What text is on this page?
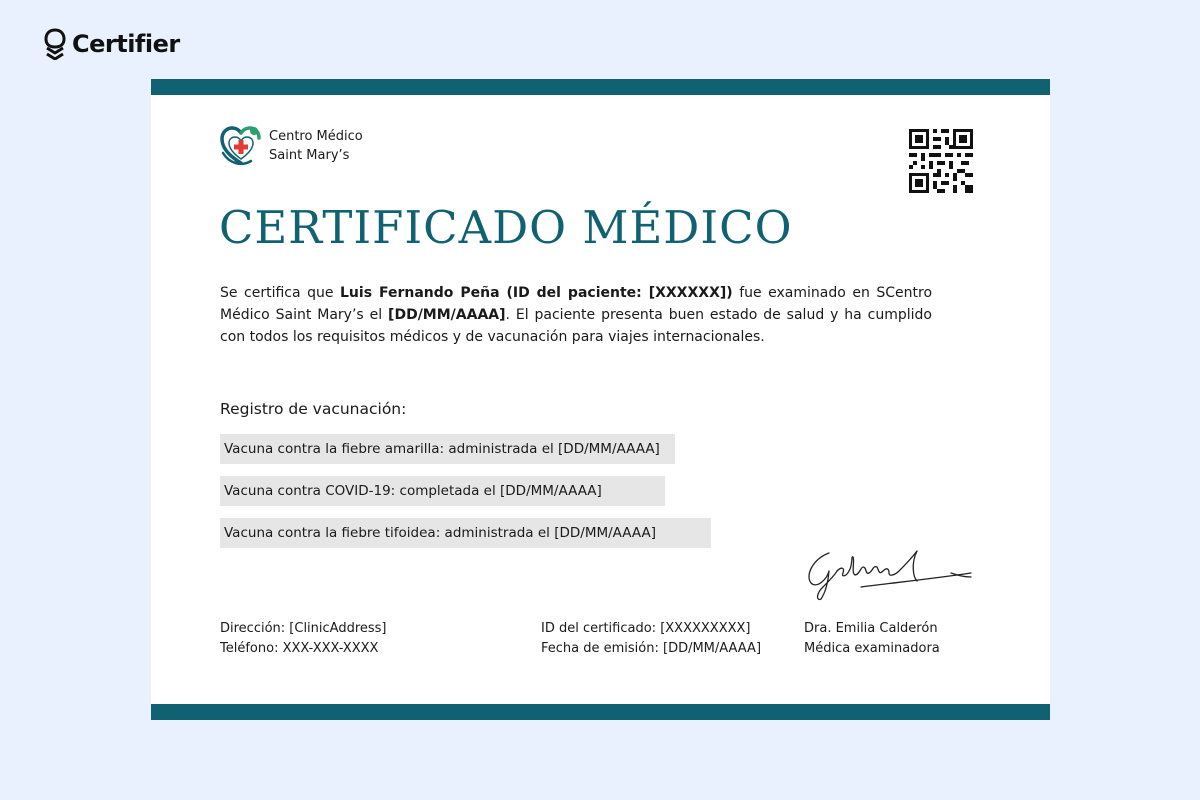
Certifier
Centro Médico
Saint Mary’s
CERTIFICADO MÉDICO

Se certifica que Luis Fernando Peña (ID del paciente: [XXXXXX]) fue examinado en SCentro Médico Saint Mary’s el [DD/MM/AAAA]. El paciente presenta buen estado de salud y ha cumplido con todos los requisitos médicos y de vacunación para viajes internacionales.

Registro de vacunación:
Vacuna contra la fiebre amarilla: administrada el [DD/MM/AAAA]
Vacuna contra COVID-19: completada el [DD/MM/AAAA]
Vacuna contra la fiebre tifoidea: administrada el [DD/MM/AAAA]
Dirección: [ClinicAddress]
Teléfono: XXX-XXX-XXXX
ID del certificado: [XXXXXXXXX]
Fecha de emisión: [DD/MM/AAAA]
Dra. Emilia Calderón
Médica examinadora
